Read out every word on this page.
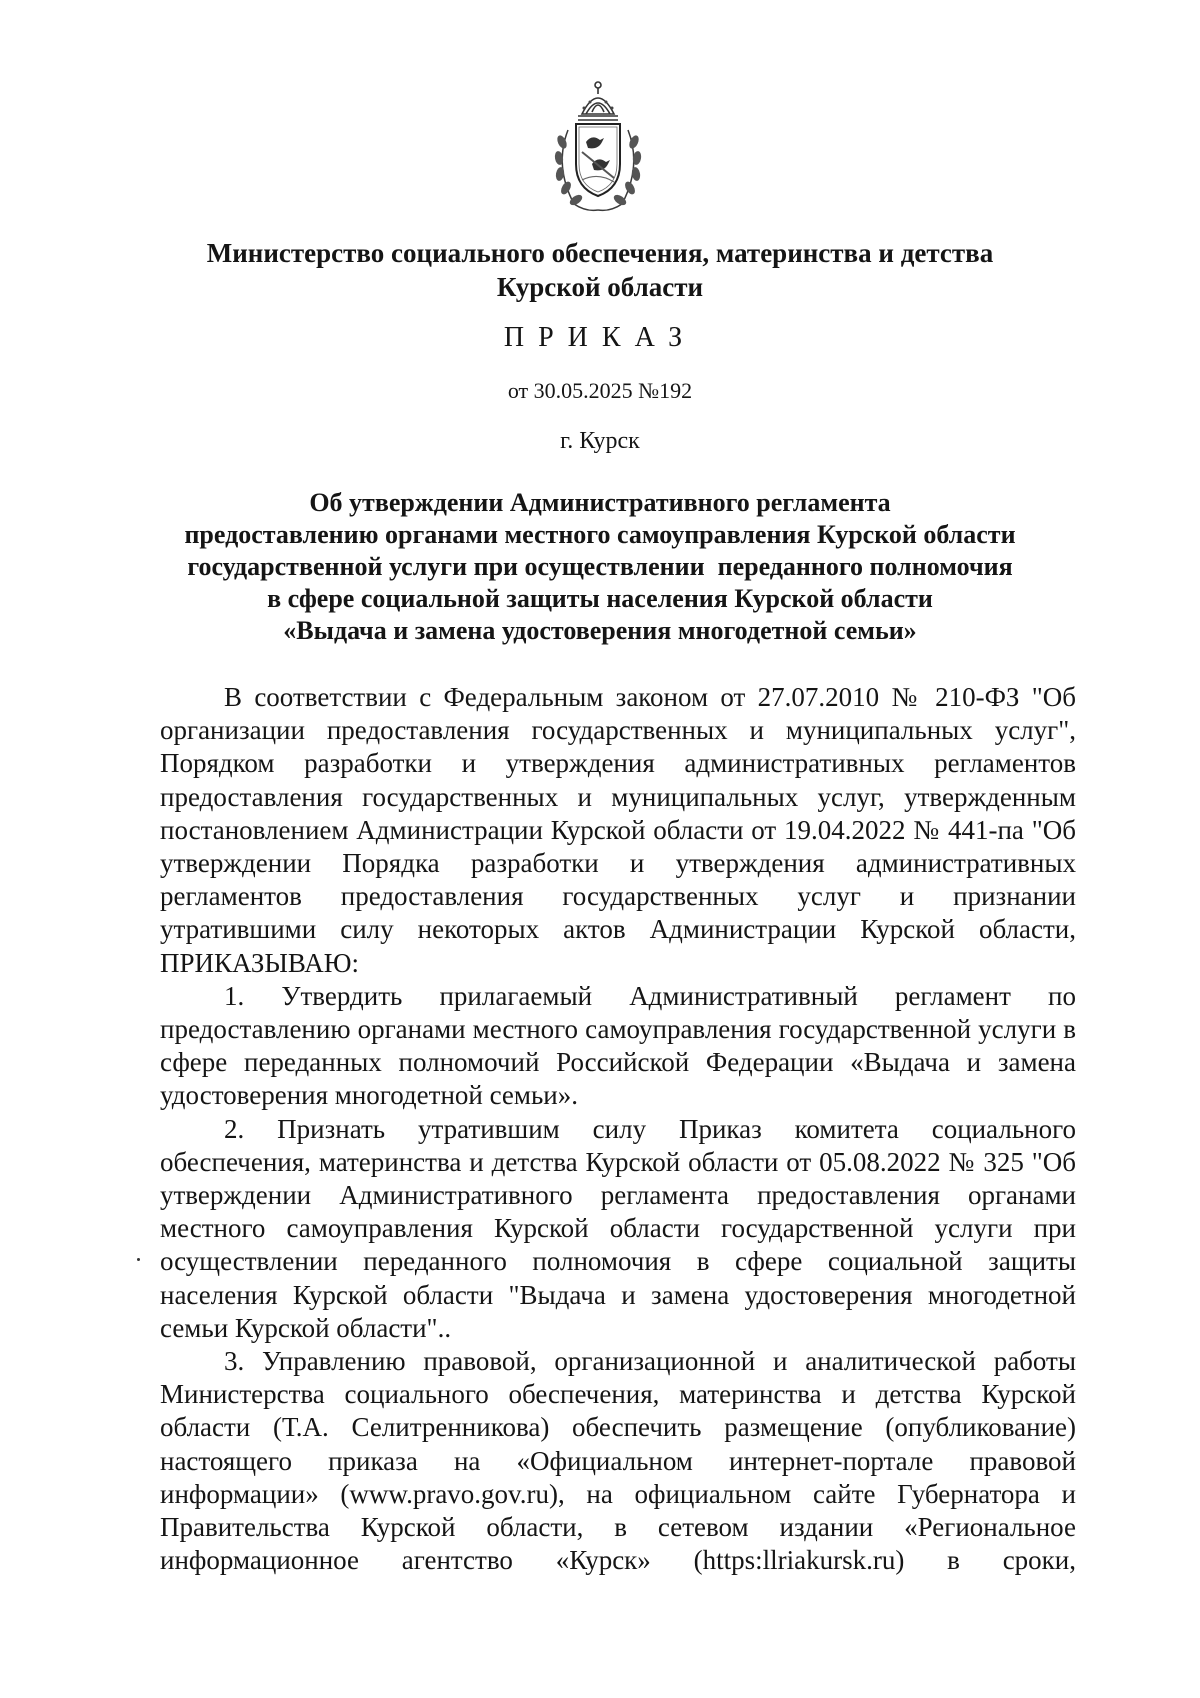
Министерство социального обеспечения, материнства и детства
Курской области
ПРИКАЗ
от 30.05.2025 №192
г. Курск
Об утверждении Административного регламента
предоставлению органами местного самоуправления Курской области
государственной услуги при осуществлении  переданного полномочия
в сфере социальной защиты населения Курской области
«Выдача и замена удостоверения многодетной семьи»

В соответствии с Федеральным законом от 27.07.2010 № 210-ФЗ "Об организации предоставления государственных и муниципальных услуг", Порядком разработки и утверждения административных регламентов предоставления государственных и муниципальных услуг, утвержденным постановлением Администрации Курской области от 19.04.2022 № 441-па "Об утверждении Порядка разработки и утверждения административных регламентов предоставления государственных услуг и признании утратившими силу некоторых актов Администрации Курской области, ПРИКАЗЫВАЮ:

1. Утвердить прилагаемый Административный регламент по предоставлению органами местного самоуправления государственной услуги в сфере переданных полномочий Российской Федерации «Выдача и замена удостоверения многодетной семьи».

2. Признать утратившим силу Приказ комитета социального обеспечения, материнства и детства Курской области от 05.08.2022 № 325 "Об утверждении Административного регламента предоставления органами местного самоуправления Курской области государственной услуги при осуществлении переданного полномочия в сфере социальной защиты населения Курской области "Выдача и замена удостоверения многодетной семьи Курской области"..

3. Управлению правовой, организационной и аналитической работы Министерства социального обеспечения, материнства и детства Курской области (Т.А. Селитренникова) обеспечить размещение (опубликование) настоящего приказа на «Официальном интернет-портале правовой информации» (www.pravo.gov.ru), на официальном сайте Губернатора и Правительства Курской области, в сетевом издании «Региональное информационное агентство «Курск» (https:llriakursk.ru) в сроки,
